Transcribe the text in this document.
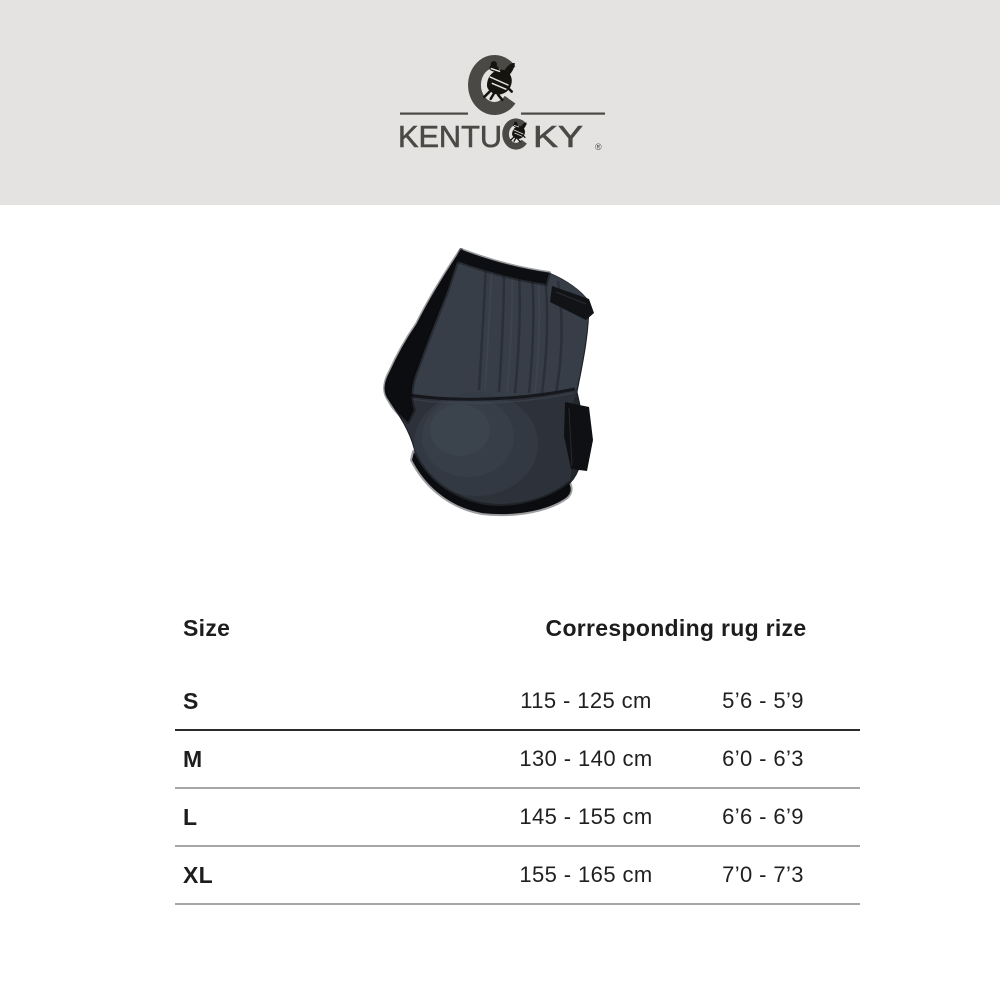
KENTU KY ®
Size	Corresponding rug rize
S	115 - 125 cm	5’6 - 5’9
M	130 - 140 cm	6’0 - 6’3
L	145 - 155 cm	6’6 - 6’9
XL	155 - 165 cm	7’0 - 7’3
